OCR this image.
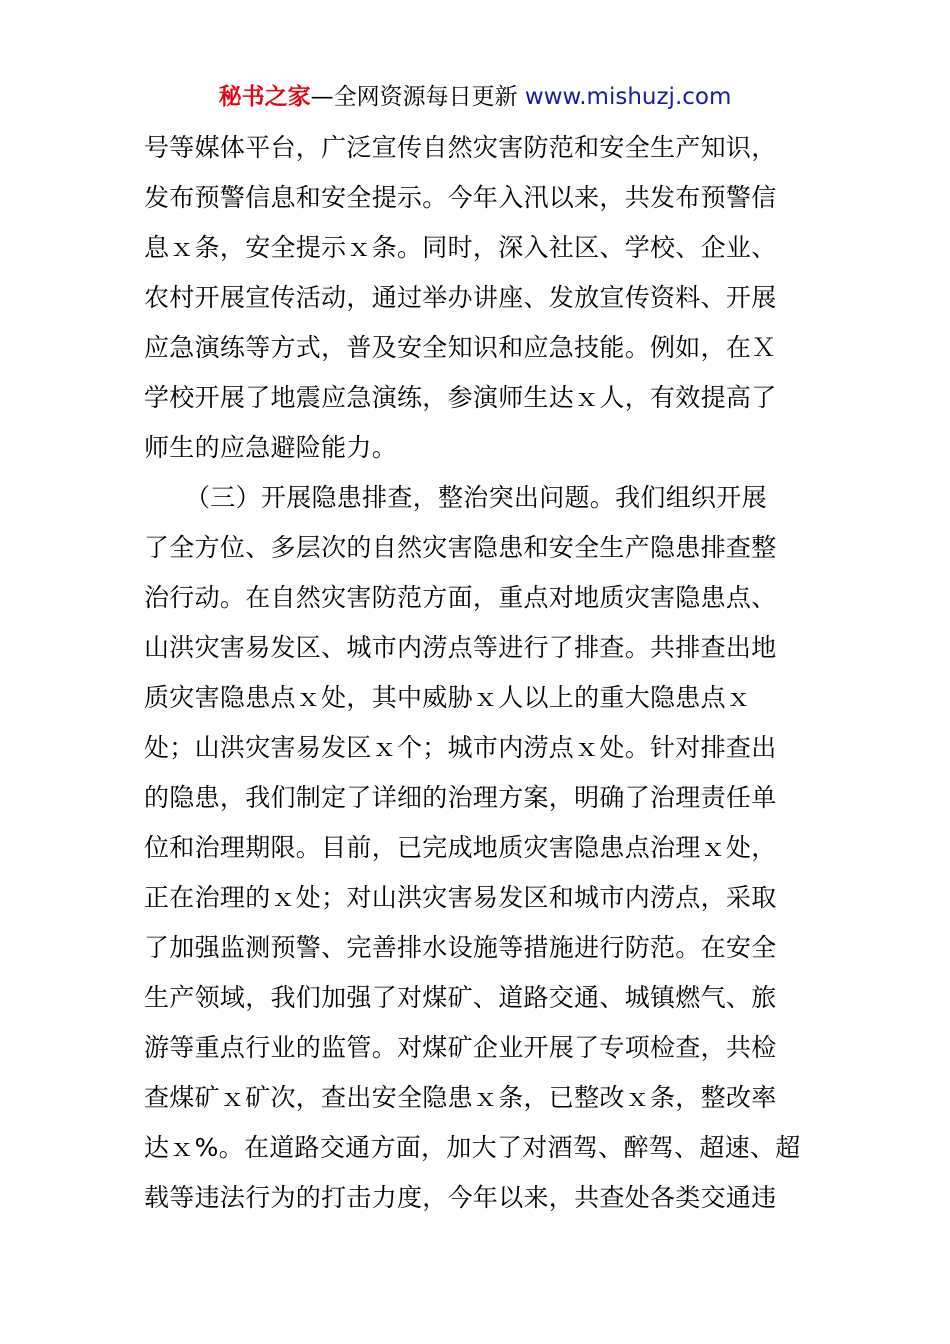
秘书之家—全网资源每日更新 www.mishuzj.com
号等媒体平台，广泛宣传自然灾害防范和安全生产知识，
发布预警信息和安全提示。今年入汛以来，共发布预警信
息ｘ条，安全提示ｘ条。同时，深入社区、学校、企业、
农村开展宣传活动，通过举办讲座、发放宣传资料、开展
应急演练等方式，普及安全知识和应急技能。例如，在Ｘ
学校开展了地震应急演练，参演师生达ｘ人，有效提高了
师生的应急避险能力。
（三）开展隐患排查，整治突出问题。我们组织开展
了全方位、多层次的自然灾害隐患和安全生产隐患排查整
治行动。在自然灾害防范方面，重点对地质灾害隐患点、
山洪灾害易发区、城市内涝点等进行了排查。共排查出地
质灾害隐患点ｘ处，其中威胁ｘ人以上的重大隐患点ｘ
处；山洪灾害易发区ｘ个；城市内涝点ｘ处。针对排查出
的隐患，我们制定了详细的治理方案，明确了治理责任单
位和治理期限。目前，已完成地质灾害隐患点治理ｘ处，
正在治理的ｘ处；对山洪灾害易发区和城市内涝点，采取
了加强监测预警、完善排水设施等措施进行防范。在安全
生产领域，我们加强了对煤矿、道路交通、城镇燃气、旅
游等重点行业的监管。对煤矿企业开展了专项检查，共检
查煤矿ｘ矿次，查出安全隐患ｘ条，已整改ｘ条，整改率
达ｘ%。在道路交通方面，加大了对酒驾、醉驾、超速、超
载等违法行为的打击力度，今年以来，共查处各类交通违
